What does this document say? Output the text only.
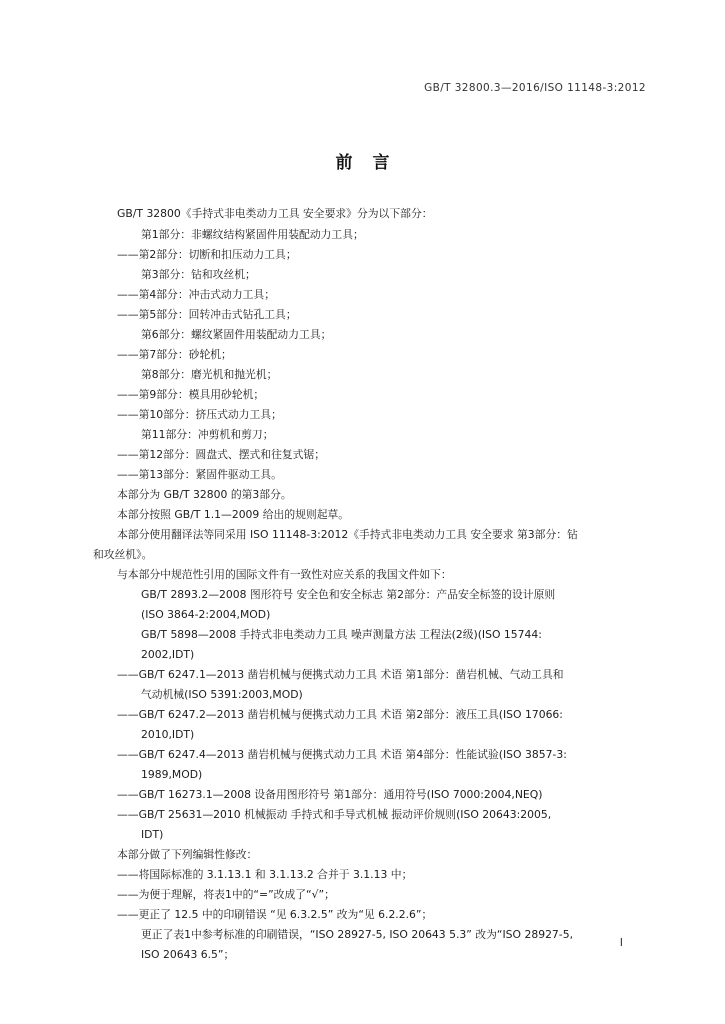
GB/T 32800.3—2016/ISO 11148-3:2012
前言
GB/T 32800《手持式非电类动力工具 安全要求》分为以下部分：
第1部分：非螺纹结构紧固件用装配动力工具；
——第2部分：切断和扣压动力工具；
第3部分：钻和攻丝机；
——第4部分：冲击式动力工具；
——第5部分：回转冲击式钻孔工具；
第6部分：螺纹紧固件用装配动力工具；
——第7部分：砂轮机；
第8部分：磨光机和抛光机；
——第9部分：模具用砂轮机；
——第10部分：挤压式动力工具；
第11部分：冲剪机和剪刀；
——第12部分：圆盘式、摆式和往复式锯；
——第13部分：紧固件驱动工具。
本部分为 GB/T 32800 的第3部分。
本部分按照 GB/T 1.1—2009 给出的规则起草。
本部分使用翻译法等同采用 ISO 11148-3:2012《手持式非电类动力工具 安全要求 第3部分：钻
和攻丝机》。
与本部分中规范性引用的国际文件有一致性对应关系的我国文件如下：
GB/T 2893.2—2008 图形符号 安全色和安全标志 第2部分：产品安全标签的设计原则
(ISO 3864-2:2004,MOD)
GB/T 5898—2008 手持式非电类动力工具 噪声测量方法 工程法(2级)(ISO 15744:
2002,IDT)
——GB/T 6247.1—2013 凿岩机械与便携式动力工具 术语 第1部分：凿岩机械、气动工具和
气动机械(ISO 5391:2003,MOD)
——GB/T 6247.2—2013 凿岩机械与便携式动力工具 术语 第2部分：液压工具(ISO 17066:
2010,IDT)
——GB/T 6247.4—2013 凿岩机械与便携式动力工具 术语 第4部分：性能试验(ISO 3857-3:
1989,MOD)
——GB/T 16273.1—2008 设备用图形符号 第1部分：通用符号(ISO 7000:2004,NEQ)
——GB/T 25631—2010 机械振动 手持式和手导式机械 振动评价规则(ISO 20643:2005,
IDT)
本部分做了下列编辑性修改：
——将国际标准的 3.1.13.1 和 3.1.13.2 合并于 3.1.13 中；
——为便于理解，将表1中的“=”改成了“√”；
——更正了 12.5 中的印刷错误 “见 6.3.2.5” 改为“见 6.2.2.6”；
更正了表1中参考标准的印刷错误，“ISO 28927-5, ISO 20643 5.3” 改为“ISO 28927-5,
ISO 20643 6.5”；
I
